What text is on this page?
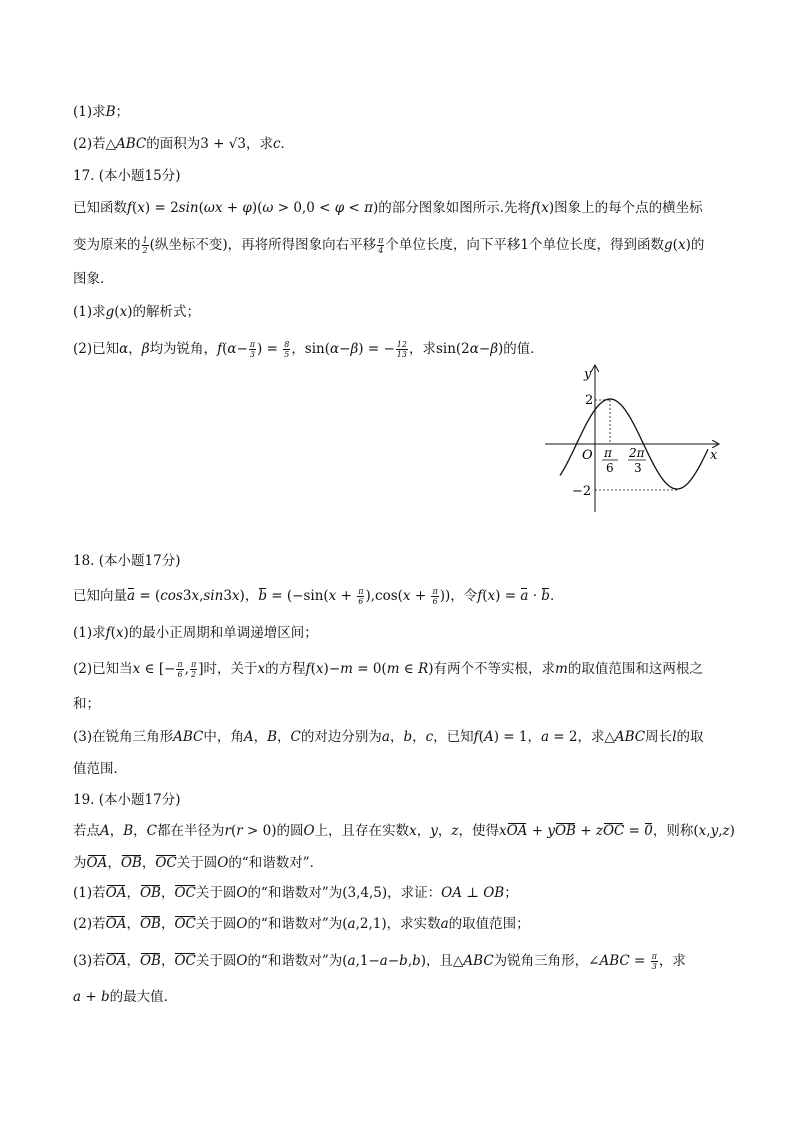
(1)求B；
(2)若△ABC的面积为3 + √3，求c．
17. (本小题15分)
已知函数f(x) = 2sin(ωx + φ)(ω > 0,0 < φ < π)的部分图象如图所示.先将f(x)图象上的每个点的横坐标
变为原来的 $\frac{1}{2}$ (纵坐标不变)，再将所得图象向右平移 $\frac{\pi}{4}$ 个单位长度，向下平移1个单位长度，得到函数g(x)的
图象．
(1)求g(x)的解析式；
(2)已知α，β均为锐角，$f(\alpha- \frac{\pi}{3}$ ) = $\frac{8}{5}$ ，sin(α−β) = − $\frac{12}{13}$ ，求sin(2α−β)的值．
y
x
O
2
−2
π
6
2π
3
18. (本小题17分)
已知向量a = (cos3x,sin3x)，$b = (-\sin(x + \frac{\pi}{6} ),\cos(x + \frac{\pi}{6}$ ))，令f(x) = a · b．
(1)求f(x)的最小正周期和单调递增区间；
(2)已知当x ∈ [− $\frac{\pi}{6}$ , $\frac{\pi}{2}$ ]时，关于x的方程f(x)−m = 0(m ∈ R)有两个不等实根，求m的取值范围和这两根之
和；
(3)在锐角三角形ABC中，角A，B，C的对边分别为a，b，c，已知f(A) = 1，a = 2，求△ABC周长l的取
值范围．
19. (本小题17分)
若点A，B，C都在半径为r(r > 0)的圆O上，且存在实数x，y，z，使得xOA + yOB + zOC = 0，则称(x,y,z)
为OA，OB，OC关于圆O的“和谐数对”．
(1)若OA，OB，OC关于圆O的“和谐数对”为(3,4,5)，求证：OA ⊥ OB；
(2)若OA，OB，OC关于圆O的“和谐数对”为(a,2,1)，求实数a的取值范围；
(3)若OA，OB，OC关于圆O的“和谐数对”为(a,1−a−b,b)，且△ABC为锐角三角形，∠ABC = $\frac{\pi}{3}$ ，求
a + b的最大值．
